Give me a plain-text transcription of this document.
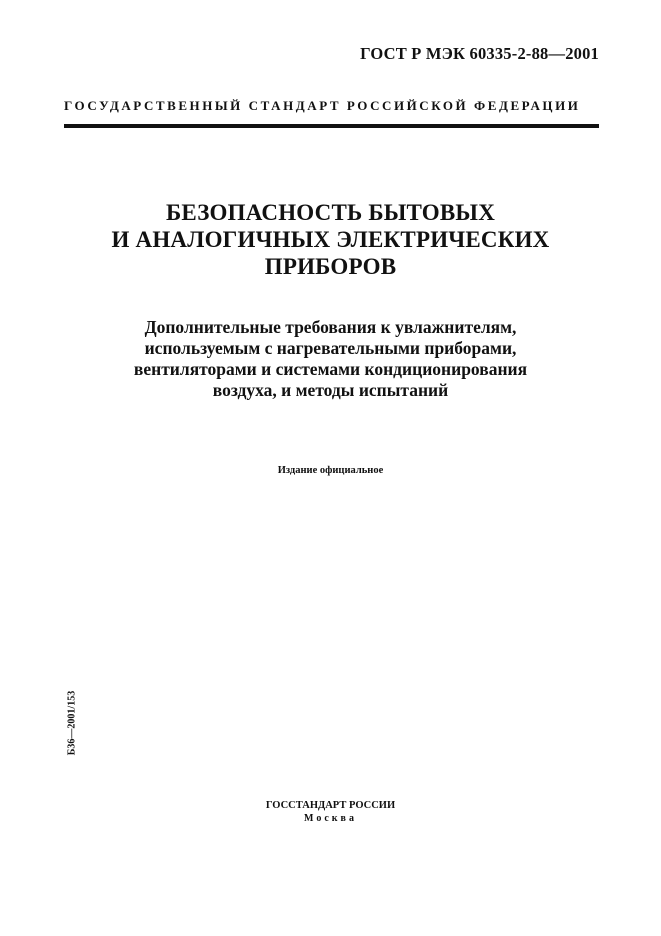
ГОСТ Р МЭК 60335-2-88—2001
ГОСУДАРСТВЕННЫЙ СТАНДАРТ РОССИЙСКОЙ ФЕДЕРАЦИИ
БЕЗОПАСНОСТЬ БЫТОВЫХ
И АНАЛОГИЧНЫХ ЭЛЕКТРИЧЕСКИХ
ПРИБОРОВ
Дополнительные требования к увлажнителям,
используемым с нагревательными приборами,
вентиляторами и системами кондиционирования
воздуха, и методы испытаний
Издание официальное
Б36—2001/153
ГОССТАНДАРТ РОССИИ
Москва
